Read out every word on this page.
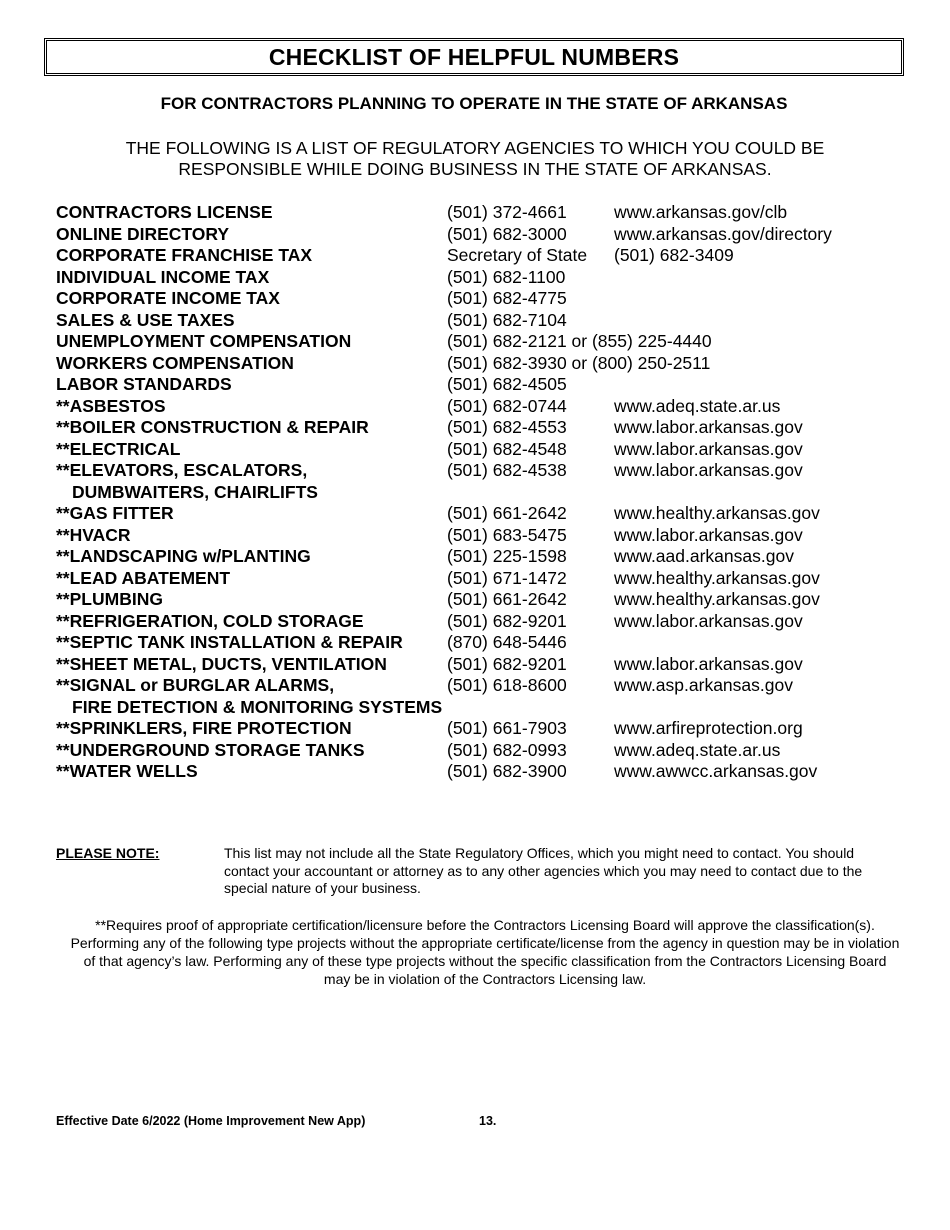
CHECKLIST OF HELPFUL NUMBERS
FOR CONTRACTORS PLANNING TO OPERATE IN THE STATE OF ARKANSAS
THE FOLLOWING IS A LIST OF REGULATORY AGENCIES TO WHICH YOU COULD BE RESPONSIBLE WHILE DOING BUSINESS IN THE STATE OF ARKANSAS.
CONTRACTORS LICENSE	(501) 372-4661	www.arkansas.gov/clb
ONLINE DIRECTORY	(501) 682-3000	www.arkansas.gov/directory
CORPORATE FRANCHISE TAX	Secretary of State (501) 682-3409
INDIVIDUAL INCOME TAX	(501) 682-1100
CORPORATE INCOME TAX	(501) 682-4775
SALES & USE TAXES	(501) 682-7104
UNEMPLOYMENT COMPENSATION	(501) 682-2121 or (855) 225-4440
WORKERS COMPENSATION	(501) 682-3930 or (800) 250-2511
LABOR STANDARDS	(501) 682-4505
**ASBESTOS	(501) 682-0744	www.adeq.state.ar.us
**BOILER CONSTRUCTION & REPAIR	(501) 682-4553	www.labor.arkansas.gov
**ELECTRICAL	(501) 682-4548	www.labor.arkansas.gov
**ELEVATORS, ESCALATORS,	(501) 682-4538	www.labor.arkansas.gov
DUMBWAITERS, CHAIRLIFTS
**GAS FITTER	(501) 661-2642	www.healthy.arkansas.gov
**HVACR	(501) 683-5475	www.labor.arkansas.gov
**LANDSCAPING w/PLANTING	(501) 225-1598	www.aad.arkansas.gov
**LEAD ABATEMENT	(501) 671-1472	www.healthy.arkansas.gov
**PLUMBING	(501) 661-2642	www.healthy.arkansas.gov
**REFRIGERATION, COLD STORAGE	(501) 682-9201	www.labor.arkansas.gov
**SEPTIC TANK INSTALLATION & REPAIR	(870) 648-5446
**SHEET METAL, DUCTS, VENTILATION	(501) 682-9201	www.labor.arkansas.gov
**SIGNAL or BURGLAR ALARMS,	(501) 618-8600	www.asp.arkansas.gov
FIRE DETECTION & MONITORING SYSTEMS
**SPRINKLERS, FIRE PROTECTION	(501) 661-7903	www.arfireprotection.org
**UNDERGROUND STORAGE TANKS	(501) 682-0993	www.adeq.state.ar.us
**WATER WELLS	(501) 682-3900	www.awwcc.arkansas.gov
PLEASE NOTE:	This list may not include all the State Regulatory Offices, which you might need to contact. You should contact your accountant or attorney as to any other agencies which you may need to contact due to the special nature of your business.
**Requires proof of appropriate certification/licensure before the Contractors Licensing Board will approve the classification(s). Performing any of the following type projects without the appropriate certificate/license from the agency in question may be in violation of that agency’s law. Performing any of these type projects without the specific classification from the Contractors Licensing Board may be in violation of the Contractors Licensing law.
Effective Date 6/2022 (Home Improvement New App)	13.
